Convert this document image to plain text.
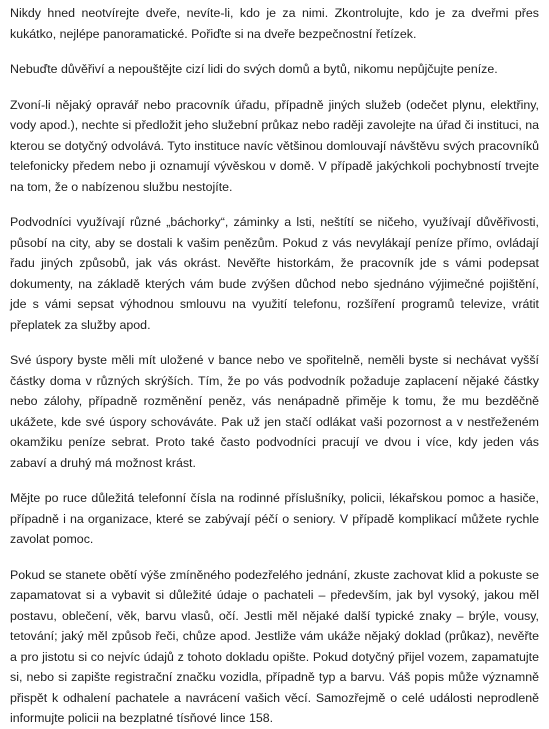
Nikdy hned neotvírejte dveře, nevíte-li, kdo je za nimi. Zkontrolujte, kdo je za dveřmi přes kukátko, nejlépe panoramatické. Pořiďte si na dveře bezpečnostní řetízek.

Nebuďte důvěřiví a nepouštějte cizí lidi do svých domů a bytů, nikomu nepůjčujte peníze.

Zvoní-li nějaký opravář nebo pracovník úřadu, případně jiných služeb (odečet plynu, elektřiny, vody apod.), nechte si předložit jeho služební průkaz nebo raději zavolejte na úřad či instituci, na kterou se dotyčný odvolává. Tyto instituce navíc většinou domlouvají návštěvu svých pracovníků telefonicky předem nebo ji oznamují vývěskou v domě. V případě jakýchkoli pochybností trvejte na tom, že o nabízenou službu nestojíte.

Podvodníci využívají různé „báchorky“, záminky a lsti, neštítí se ničeho, využívají důvěřivosti, působí na city, aby se dostali k vašim penězům. Pokud z vás nevylákají peníze přímo, ovládají řadu jiných způsobů, jak vás okrást. Nevěřte historkám, že pracovník jde s vámi podepsat dokumenty, na základě kterých vám bude zvýšen důchod nebo sjednáno výjimečné pojištění, jde s vámi sepsat výhodnou smlouvu na využití telefonu, rozšíření programů televize, vrátit přeplatek za služby apod.

Své úspory byste měli mít uložené v bance nebo ve spořitelně, neměli byste si nechávat vyšší částky doma v různých skrýších. Tím, že po vás podvodník požaduje zaplacení nějaké částky nebo zálohy, případně rozměnění peněz, vás nenápadně přiměje k tomu, že mu bezděčně ukážete, kde své úspory schováváte. Pak už jen stačí odlákat vaši pozornost a v nestřeženém okamžiku peníze sebrat. Proto také často podvodníci pracují ve dvou i více, kdy jeden vás zabaví a druhý má možnost krást.

Mějte po ruce důležitá telefonní čísla na rodinné příslušníky, policii, lékařskou pomoc a hasiče, případně i na organizace, které se zabývají péčí o seniory. V případě komplikací můžete rychle zavolat pomoc.

Pokud se stanete obětí výše zmíněného podezřelého jednání, zkuste zachovat klid a pokuste se zapamatovat si a vybavit si důležité údaje o pachateli – především, jak byl vysoký, jakou měl postavu, oblečení, věk, barvu vlasů, očí. Jestli měl nějaké další typické znaky – brýle, vousy, tetování; jaký měl způsob řeči, chůze apod. Jestliže vám ukáže nějaký doklad (průkaz), nevěřte a pro jistotu si co nejvíc údajů z tohoto dokladu opište. Pokud dotyčný přijel vozem, zapamatujte si, nebo si zapište registrační značku vozidla, případně typ a barvu. Váš popis může významně přispět k odhalení pachatele a navrácení vašich věcí. Samozřejmě o celé události neprodleně informujte policii na bezplatné tísňové lince 158.
